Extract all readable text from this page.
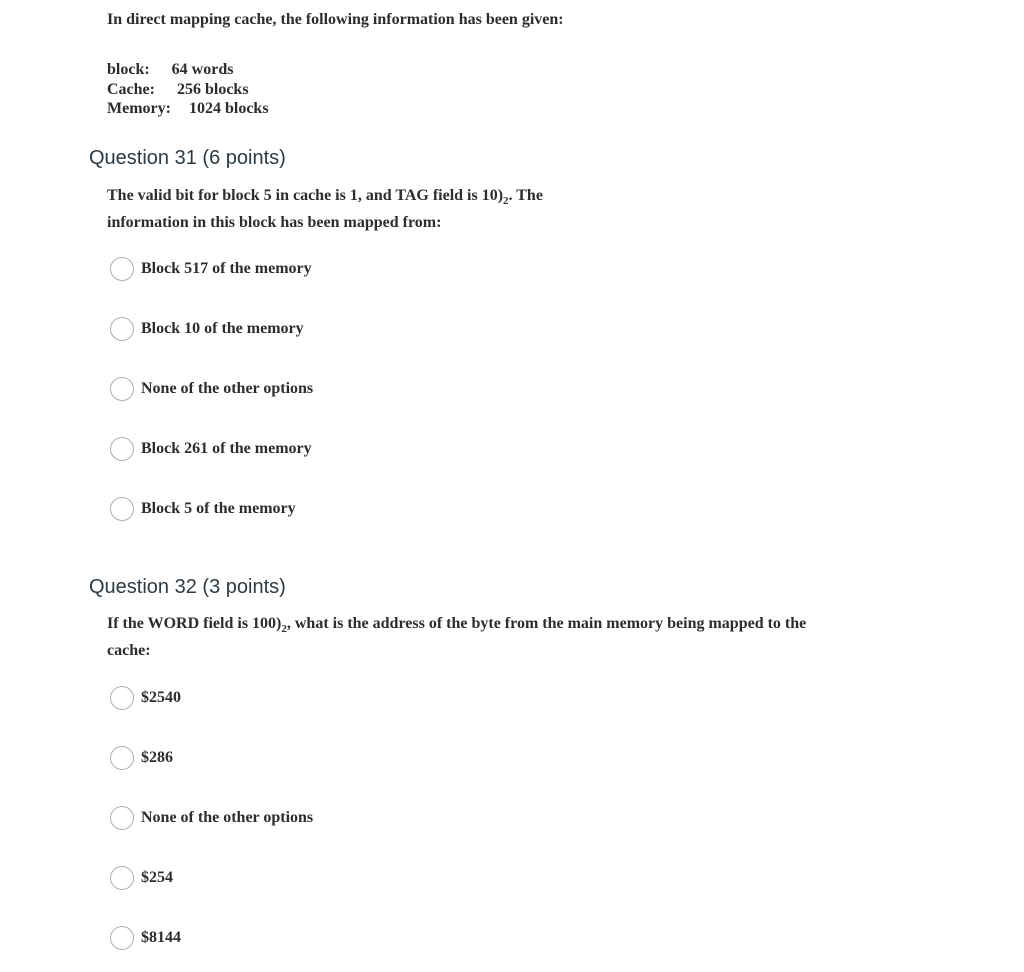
In direct mapping cache, the following information has been given:
block: 64 words
Cache: 256 blocks
Memory: 1024 blocks
Question 31 (6 points)
The valid bit for block 5 in cache is 1, and TAG field is $10)_2$. The
information in this block has been mapped from:
Block 517 of the memory
Block 10 of the memory
None of the other options
Block 261 of the memory
Block 5 of the memory
Question 32 (3 points)
If the WORD field is $100)_2$, what is the address of the byte from the main memory being mapped to the
cache:
$2540
$286
None of the other options
$254
$8144
